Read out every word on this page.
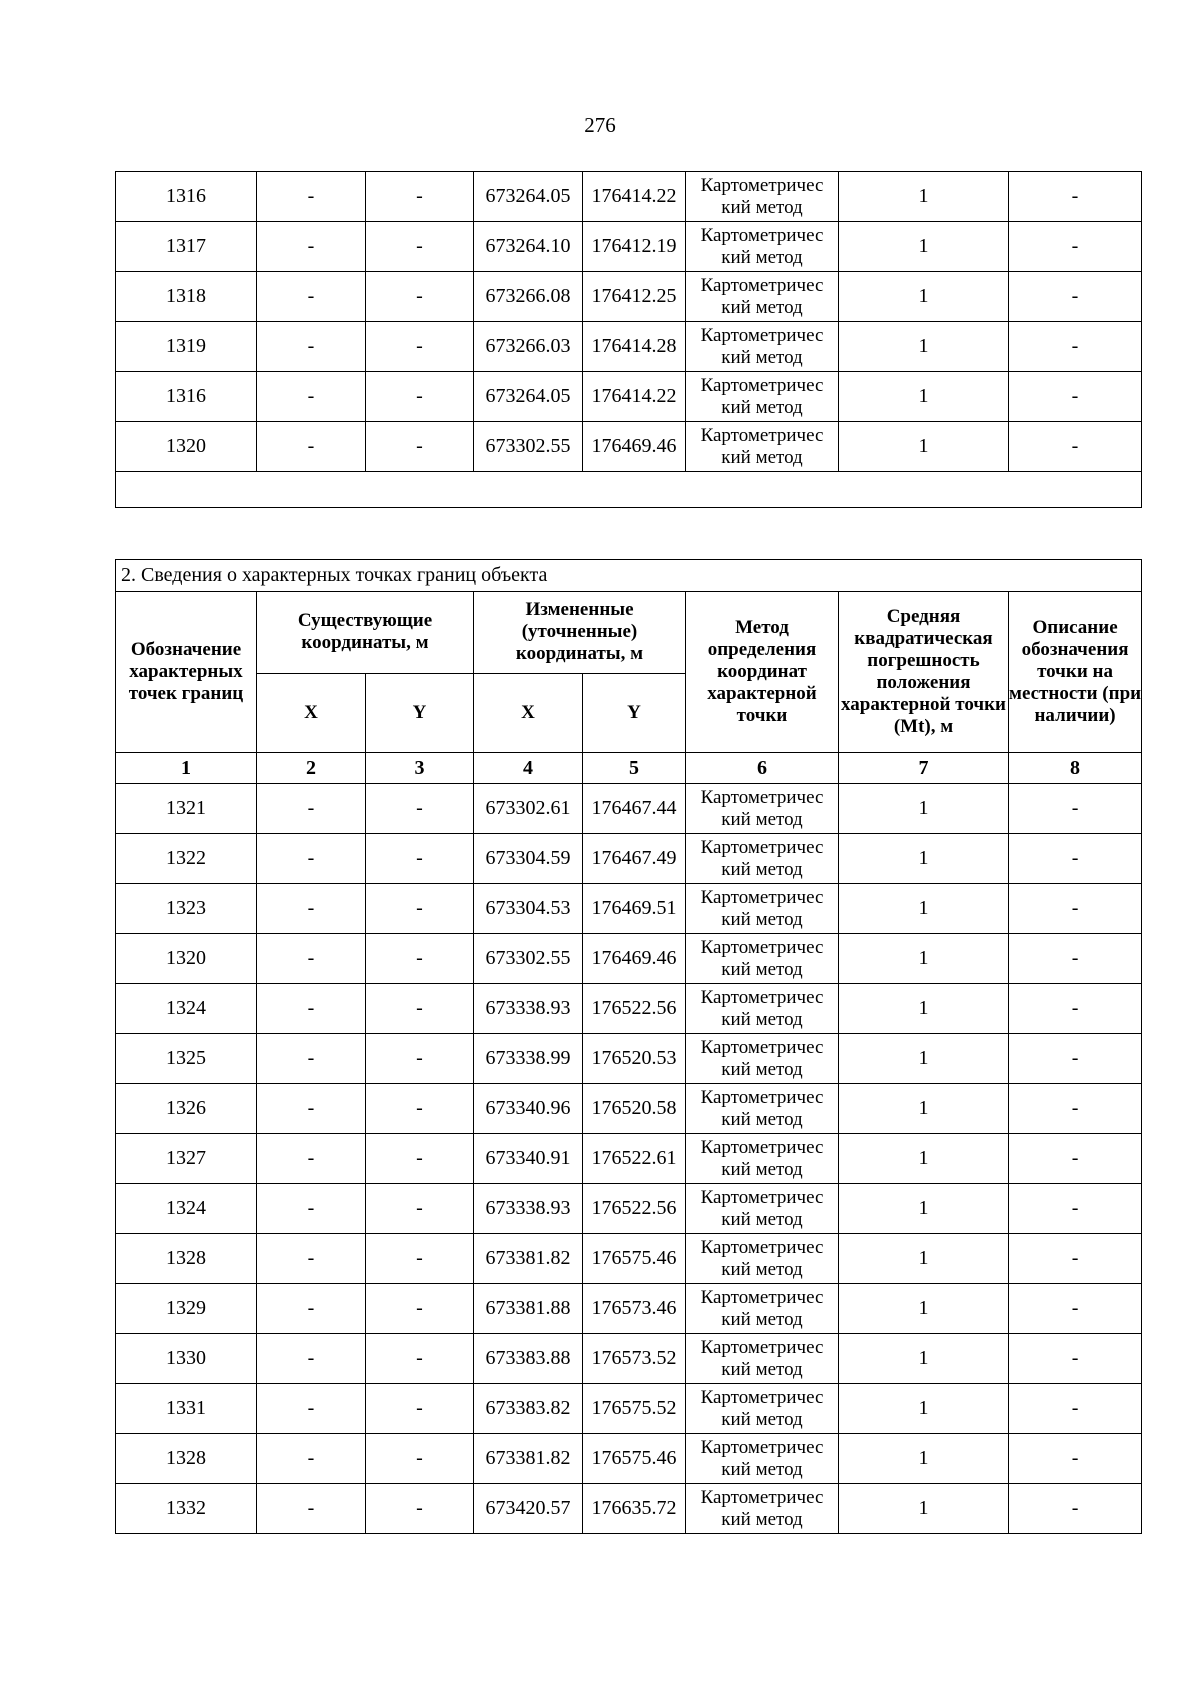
276
1316	-	-	673264.05	176414.22	Картометричес кий метод	1	-
1317	-	-	673264.10	176412.19	Картометричес кий метод	1	-
1318	-	-	673266.08	176412.25	Картометричес кий метод	1	-
1319	-	-	673266.03	176414.28	Картометричес кий метод	1	-
1316	-	-	673264.05	176414.22	Картометричес кий метод	1	-
1320	-	-	673302.55	176469.46	Картометричес кий метод	1	-

2. Сведения о характерных точках границ объекта							
Обозначение характерных точек границ	Существующие координаты, м		Измененные (уточненные) координаты, м		Метод определения координат характерной точки	Средняя квадратическая погрешность положения характерной точки (Mt), м	Описание обозначения точки на местности (при наличии)
	X	Y	X	Y			
1	2	3	4	5	6	7	8
1321	-	-	673302.61	176467.44	Картометричес кий метод	1	-
1322	-	-	673304.59	176467.49	Картометричес кий метод	1	-
1323	-	-	673304.53	176469.51	Картометричес кий метод	1	-
1320	-	-	673302.55	176469.46	Картометричес кий метод	1	-
1324	-	-	673338.93	176522.56	Картометричес кий метод	1	-
1325	-	-	673338.99	176520.53	Картометричес кий метод	1	-
1326	-	-	673340.96	176520.58	Картометричес кий метод	1	-
1327	-	-	673340.91	176522.61	Картометричес кий метод	1	-
1324	-	-	673338.93	176522.56	Картометричес кий метод	1	-
1328	-	-	673381.82	176575.46	Картометричес кий метод	1	-
1329	-	-	673381.88	176573.46	Картометричес кий метод	1	-
1330	-	-	673383.88	176573.52	Картометричес кий метод	1	-
1331	-	-	673383.82	176575.52	Картометричес кий метод	1	-
1328	-	-	673381.82	176575.46	Картометричес кий метод	1	-
1332	-	-	673420.57	176635.72	Картометричес кий метод	1	-
